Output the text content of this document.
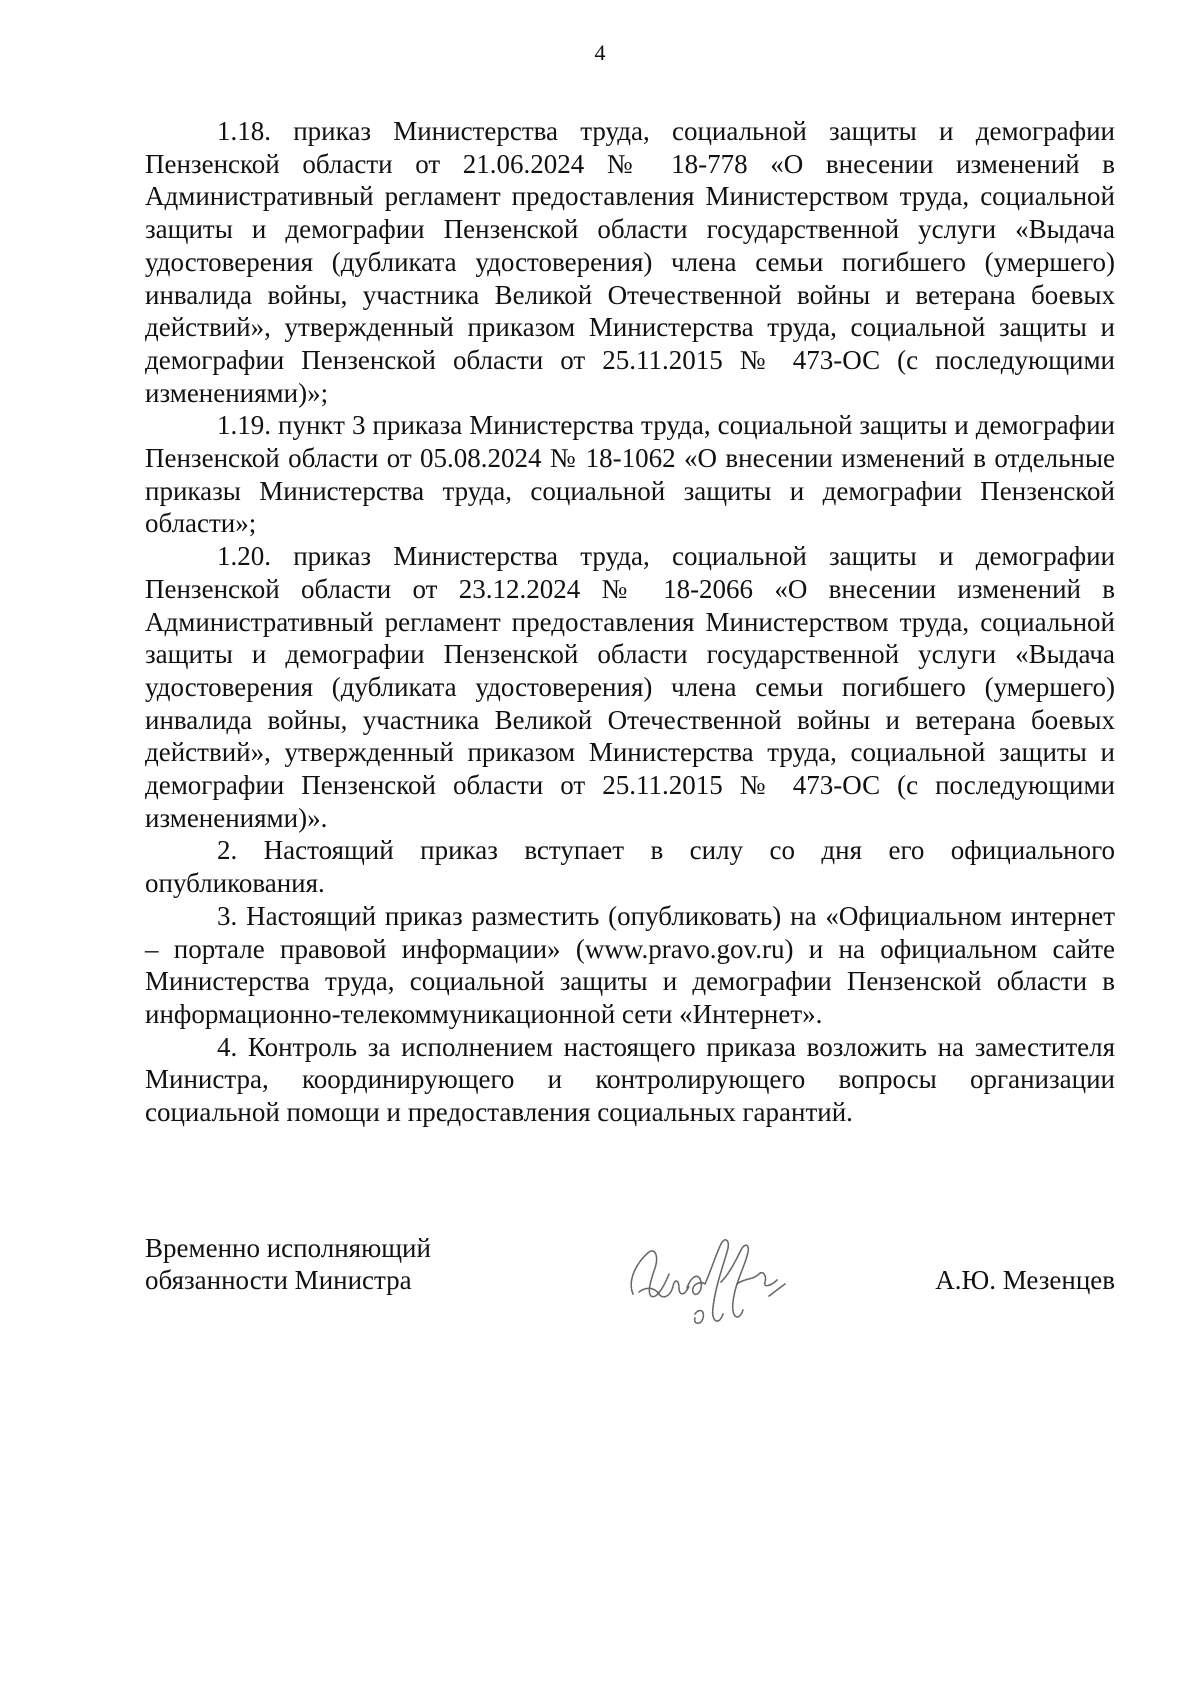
4

1.18. приказ Министерства труда, социальной защиты и демографии Пензенской области от 21.06.2024 № 18-778 «О внесении изменений в Административный регламент предоставления Министерством труда, социальной защиты и демографии Пензенской области государственной услуги «Выдача удостоверения (дубликата удостоверения) члена семьи погибшего (умершего) инвалида войны, участника Великой Отечественной войны и ветерана боевых действий», утвержденный приказом Министерства труда, социальной защиты и демографии Пензенской области от 25.11.2015 № 473-ОС (с последующими изменениями)»;

1.19. пункт 3 приказа Министерства труда, социальной защиты и демографии Пензенской области от 05.08.2024 № 18-1062 «О внесении изменений в отдельные приказы Министерства труда, социальной защиты и демографии Пензенской области»;

1.20. приказ Министерства труда, социальной защиты и демографии Пензенской области от 23.12.2024 № 18-2066 «О внесении изменений в Административный регламент предоставления Министерством труда, социальной защиты и демографии Пензенской области государственной услуги «Выдача удостоверения (дубликата удостоверения) члена семьи погибшего (умершего) инвалида войны, участника Великой Отечественной войны и ветерана боевых действий», утвержденный приказом Министерства труда, социальной защиты и демографии Пензенской области от 25.11.2015 № 473-ОС (с последующими изменениями)».

2. Настоящий приказ вступает в силу со дня его официального опубликования.

3. Настоящий приказ разместить (опубликовать) на «Официальном интернет – портале правовой информации» (www.pravo.gov.ru) и на официальном сайте Министерства труда, социальной защиты и демографии Пензенской области в информационно-телекоммуникационной сети «Интернет».

4. Контроль за исполнением настоящего приказа возложить на заместителя Министра, координирующего и контролирующего вопросы организации социальной помощи и предоставления социальных гарантий.

Временно исполняющий
обязанности Министра	А.Ю. Мезенцев
